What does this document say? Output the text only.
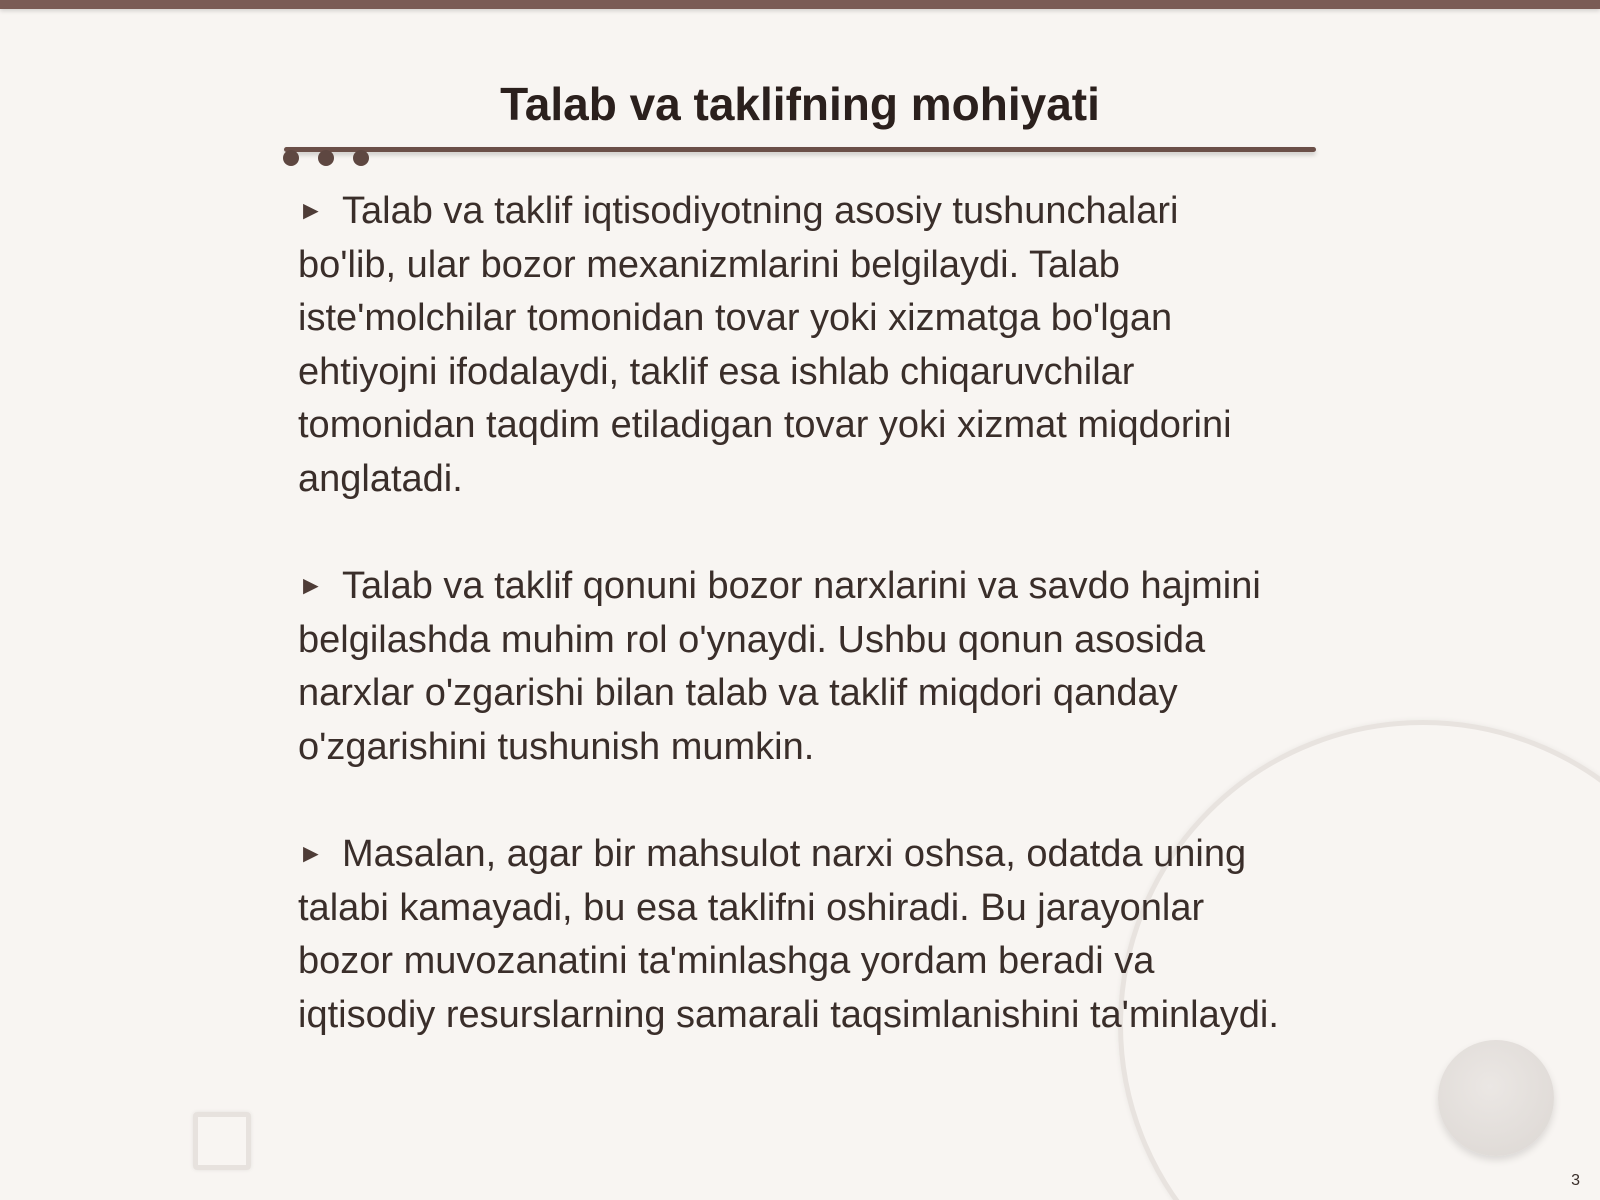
Talab va taklifning mohiyati

► Talab va taklif iqtisodiyotning asosiy tushunchalari bo'lib, ular bozor mexanizmlarini belgilaydi. Talab iste'molchilar tomonidan tovar yoki xizmatga bo'lgan ehtiyojni ifodalaydi, taklif esa ishlab chiqaruvchilar tomonidan taqdim etiladigan tovar yoki xizmat miqdorini anglatadi.

► Talab va taklif qonuni bozor narxlarini va savdo hajmini belgilashda muhim rol o'ynaydi. Ushbu qonun asosida narxlar o'zgarishi bilan talab va taklif miqdori qanday o'zgarishini tushunish mumkin.

► Masalan, agar bir mahsulot narxi oshsa, odatda uning talabi kamayadi, bu esa taklifni oshiradi. Bu jarayonlar bozor muvozanatini ta'minlashga yordam beradi va iqtisodiy resurslarning samarali taqsimlanishini ta'minlaydi.

3
